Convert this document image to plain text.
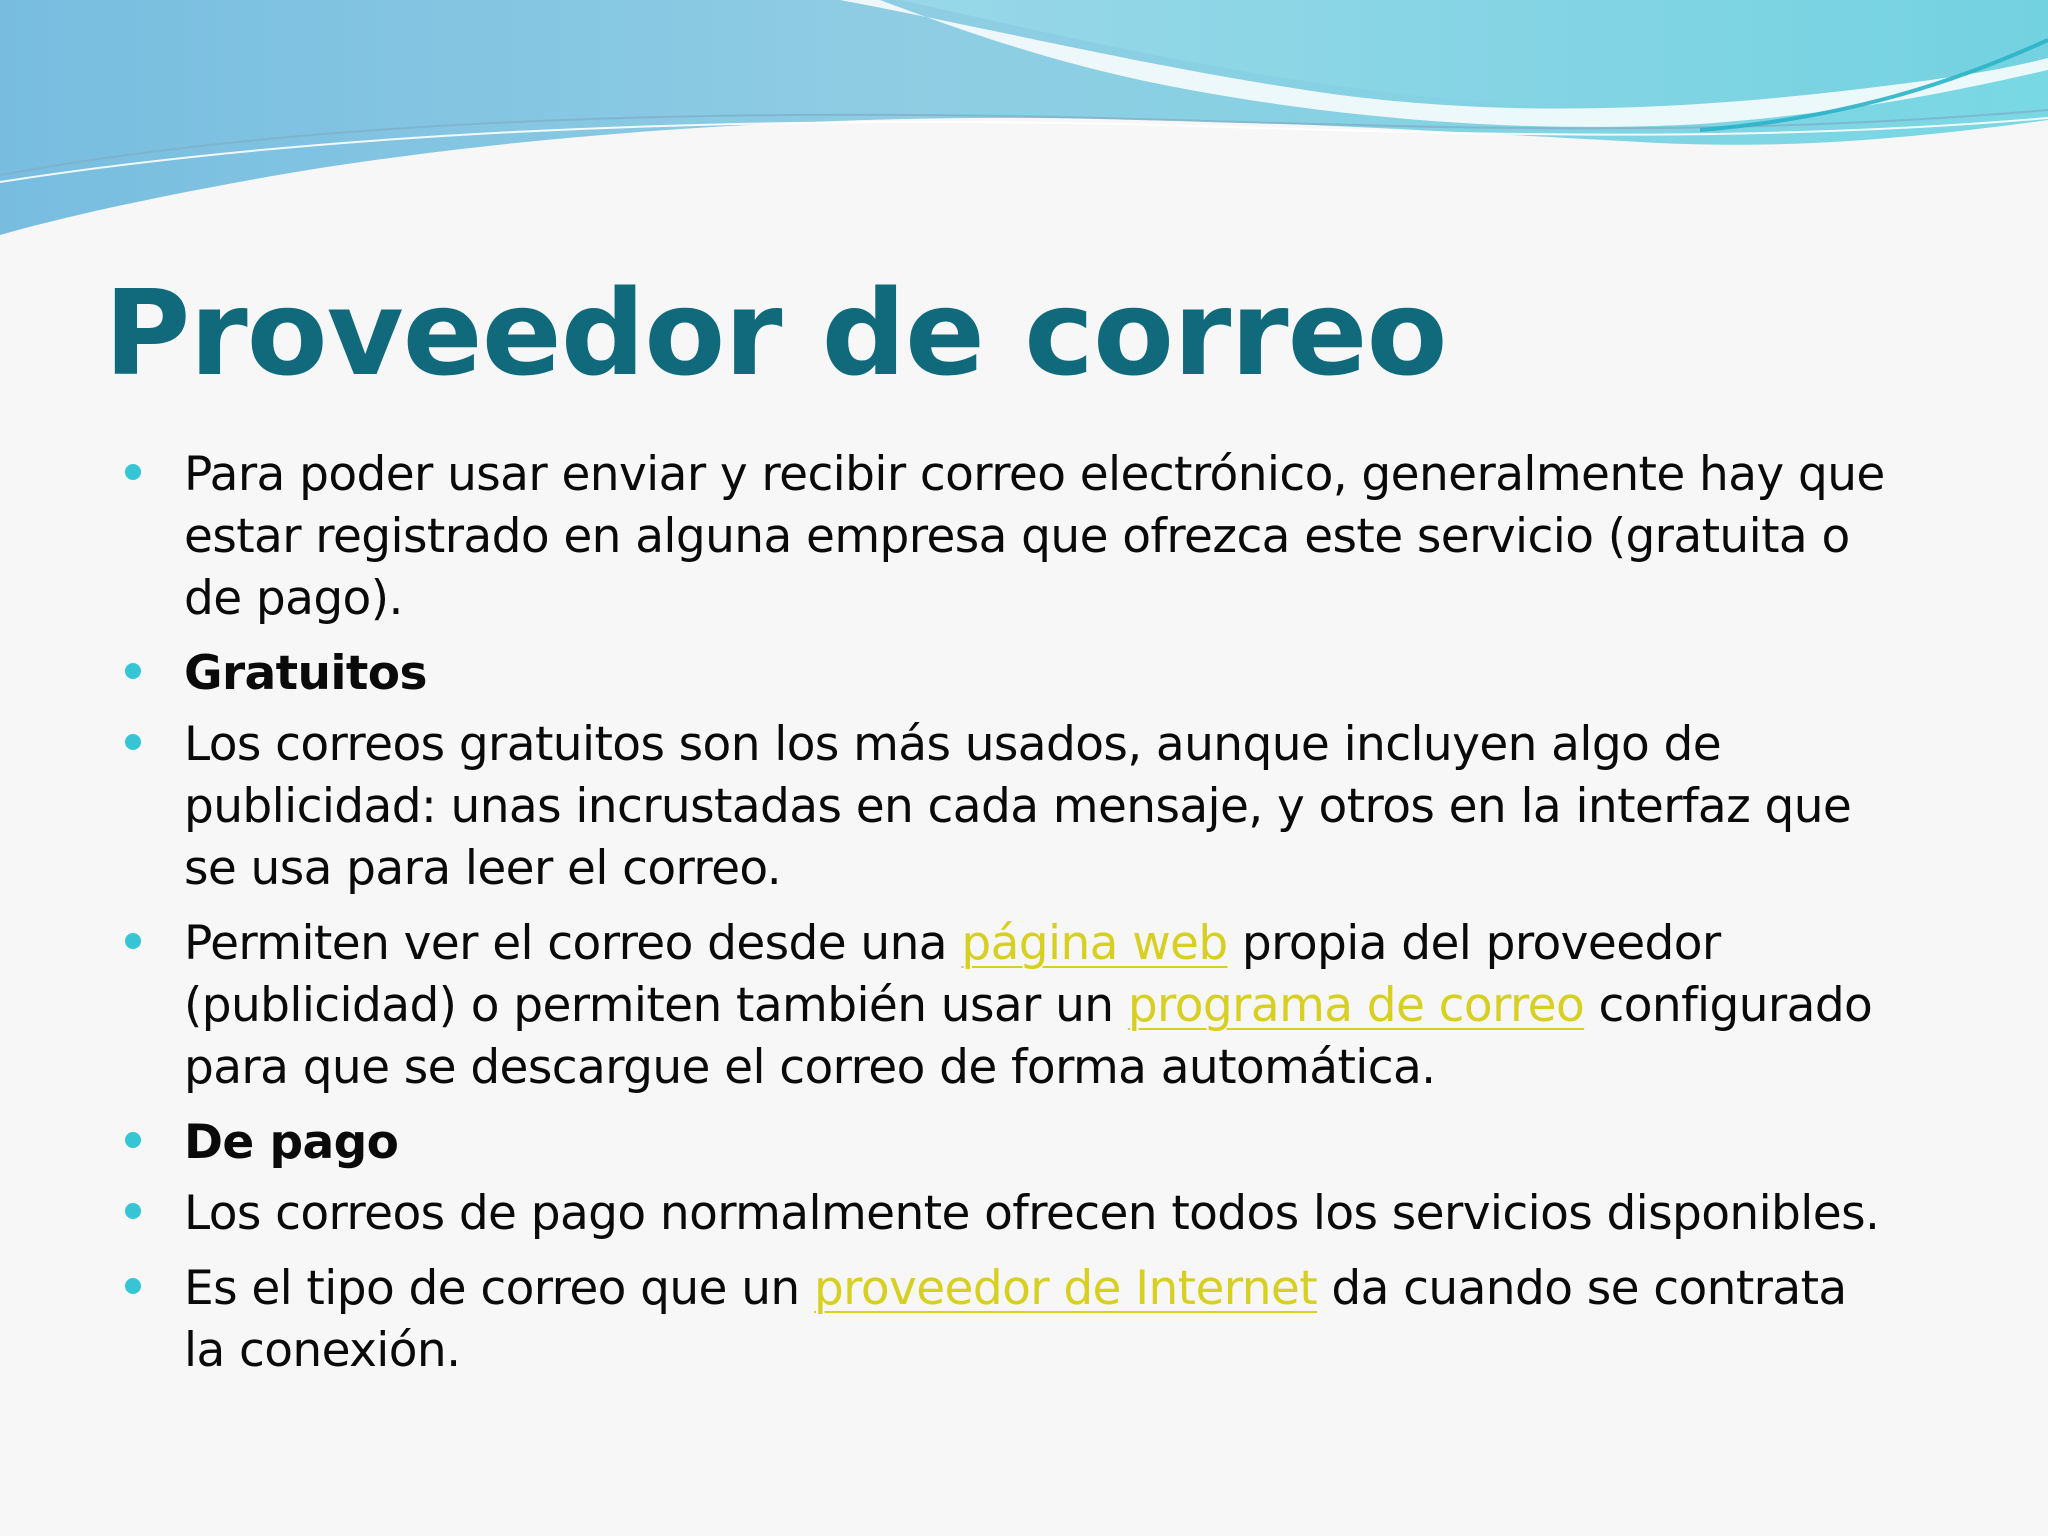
Proveedor de correo
Para poder usar enviar y recibir correo electrónico, generalmente hay que estar registrado en alguna empresa que ofrezca este servicio (gratuita o de pago).
Gratuitos
Los correos gratuitos son los más usados, aunque incluyen algo de publicidad: unas incrustadas en cada mensaje, y otros en la interfaz que se usa para leer el correo.
Permiten ver el correo desde una página web propia del proveedor (publicidad) o permiten también usar un programa de correo configurado para que se descargue el correo de forma automática.
De pago
Los correos de pago normalmente ofrecen todos los servicios disponibles.
Es el tipo de correo que un proveedor de Internet da cuando se contrata la conexión.
